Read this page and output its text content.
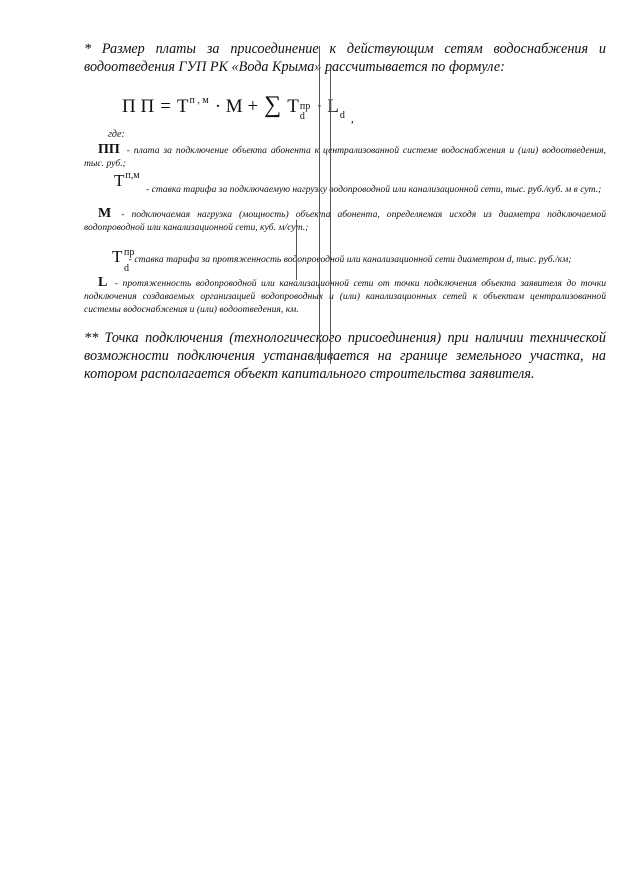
* Размер платы за присоединение к действующим сетям водоснабжения и водоотведения ГУП РК «Вода Крыма» рассчитывается по формуле:

П П = Т п , м · М + ∑ Т пр
d · L d ,

где:

ПП - плата за подключение объекта абонента к централизованной системе водоснабжения и (или) водоотведения, тыс. руб.;

$Т^{п,м}$ - ставка тарифа за подключаемую нагрузку водопроводной или канализационной сети, тыс. руб./куб. м в сут.;

М - подключаемая нагрузка (мощность) объекта абонента, определяемая исходя из диаметра подключаемой водопроводной или канализационной сети, куб. м/сут.;

Т пр
d
- ставка тарифа за протяженность водопроводной или канализационной сети диаметром d, тыс. руб./км;

L - протяженность водопроводной или канализационной сети от точки подключения объекта заявителя до точки подключения создаваемых организацией водопроводных и (или) канализационных сетей к объектам централизованной системы водоснабжения и (или) водоотведения, км.

** Точка подключения (технологического присоединения) при наличии технической возможности подключения устанавливается на границе земельного участка, на котором располагается объект капитального строительства заявителя.
